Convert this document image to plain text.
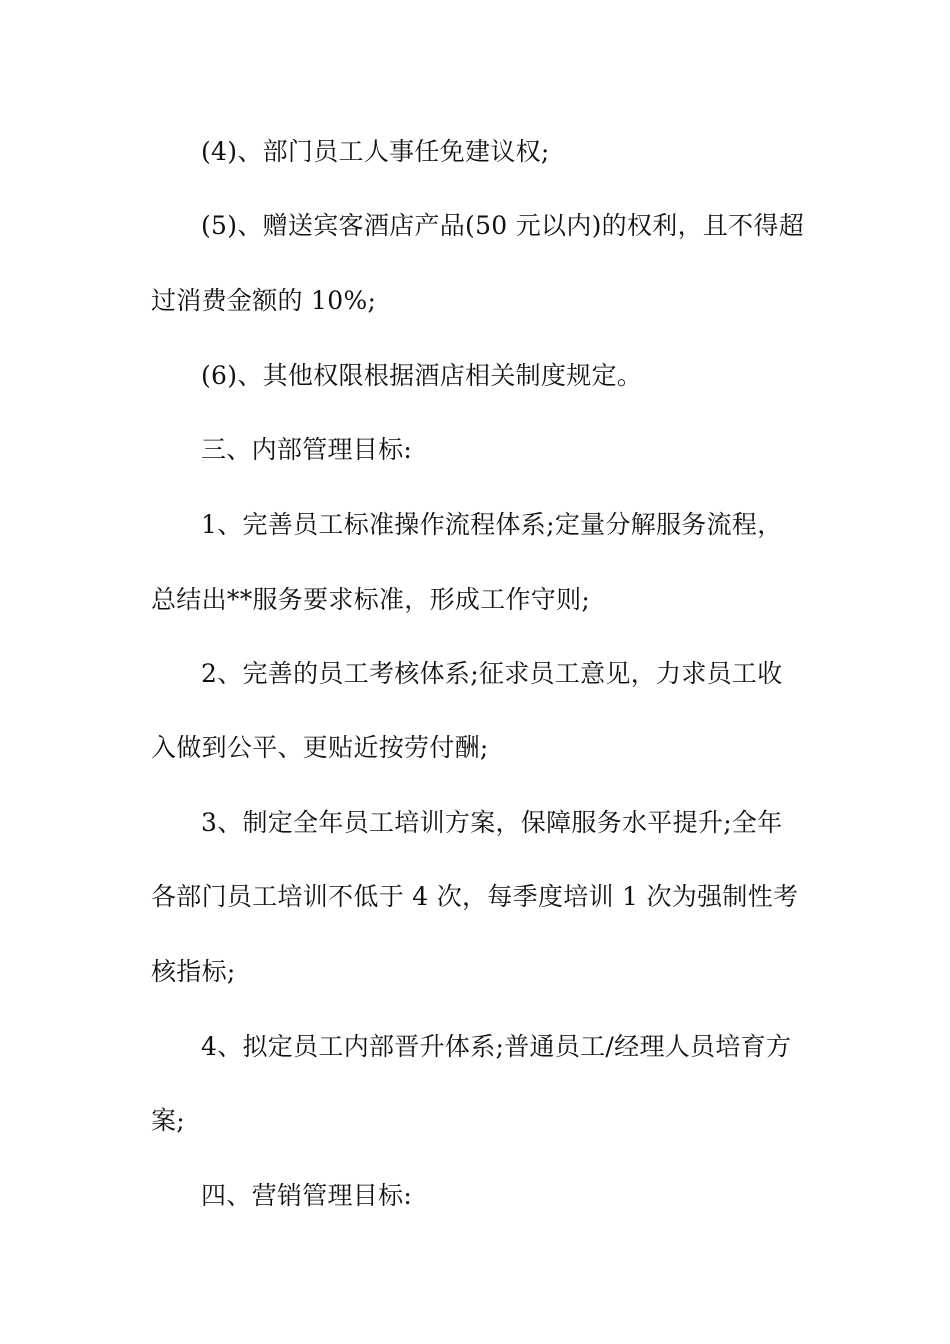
(4)、部门员工人事任免建议权;
(5)、赠送宾客酒店产品(50 元以内)的权利，且不得超
过消费金额的 10%;
(6)、其他权限根据酒店相关制度规定。
三、内部管理目标:
1、完善员工标准操作流程体系;定量分解服务流程，
总结出**服务要求标准，形成工作守则;
2、完善的员工考核体系;征求员工意见，力求员工收
入做到公平、更贴近按劳付酬;
3、制定全年员工培训方案，保障服务水平提升;全年
各部门员工培训不低于 4 次，每季度培训 1 次为强制性考
核指标;
4、拟定员工内部晋升体系;普通员工/经理人员培育方
案;
四、营销管理目标:
